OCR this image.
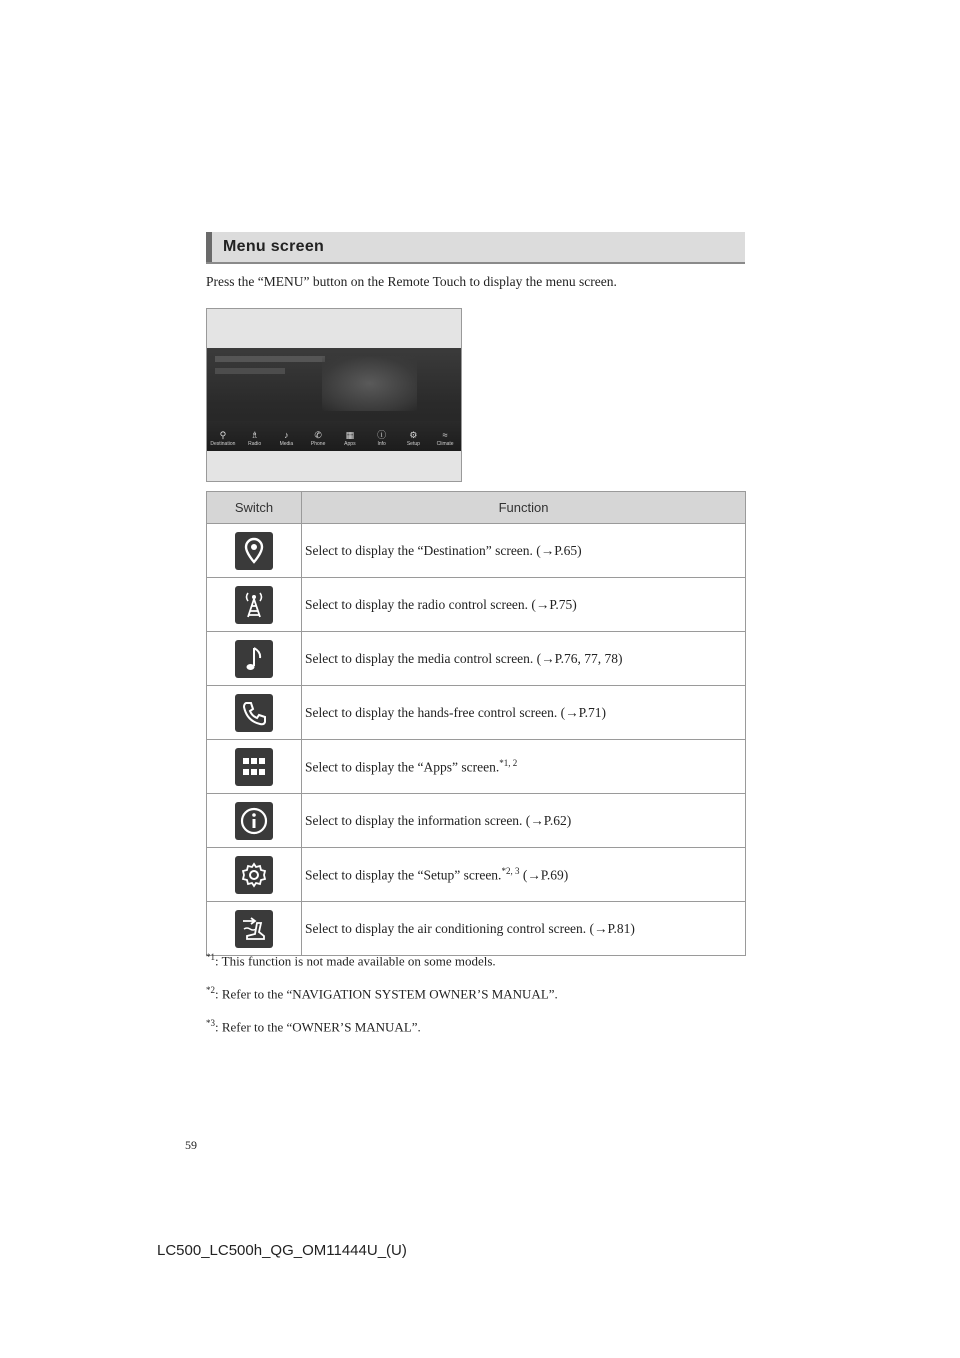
Menu screen
Press the “MENU” button on the Remote Touch to display the menu screen.
⚲
Destination
♗
Radio
♪
Media
✆
Phone
▦
Apps
ⓘ
Info
⚙
Setup
≈
Climate
Switch	Function

	Select to display the “Destination” screen. (→P.65)

	Select to display the radio control screen. (→P.75)

	Select to display the media control screen. (→P.76, 77, 78)

	Select to display the hands-free control screen. (→P.71)

	Select to display the “Apps” screen.$^{*1, 2}$

	Select to display the information screen. (→P.62)

	Select to display the “Setup” screen.$^{*2, 3}$ (→P.69)

	Select to display the air conditioning control screen. (→P.81)
$^{*1}$: This function is not made available on some models.
$^{*2}$: Refer to the “NAVIGATION SYSTEM OWNER’S MANUAL”.
$^{*3}$: Refer to the “OWNER’S MANUAL”.
59
LC500_LC500h_QG_OM11444U_(U)
